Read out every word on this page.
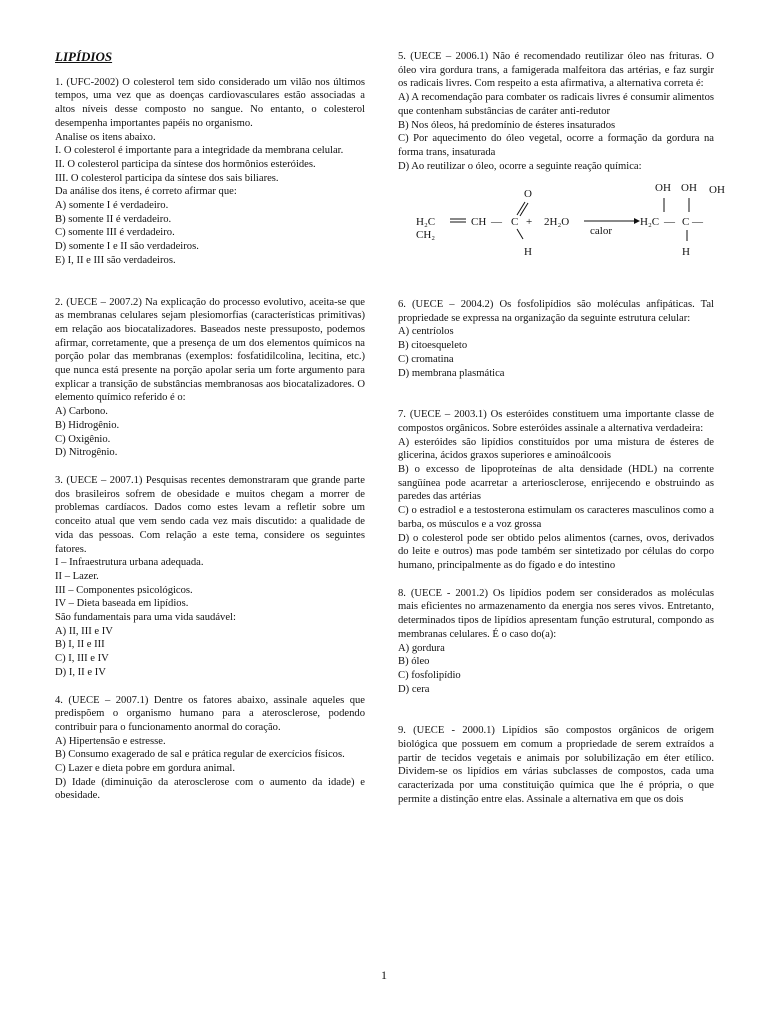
LIPÍDIOS

1. (UFC-2002) O colesterol tem sido considerado um vilão nos últimos tempos, uma vez que as doenças cardiovasculares estão associadas a altos níveis desse composto no sangue. No entanto, o colesterol desempenha importantes papéis no organismo.

Analise os itens abaixo.

I. O colesterol é importante para a integridade da membrana celular.

II. O colesterol participa da síntese dos hormônios esteróides.

III. O colesterol participa da síntese dos sais biliares.

Da análise dos itens, é correto afirmar que:

A) somente I é verdadeiro.

B) somente II é verdadeiro.

C) somente III é verdadeiro.

D) somente I e II são verdadeiros.

E) I, II e III são verdadeiros.

2. (UECE – 2007.2) Na explicação do processo evolutivo, aceita-se que as membranas celulares sejam plesiomorfias (características primitivas) em relação aos biocatalizadores. Baseados neste pressuposto, podemos afirmar, corretamente, que a presença de um dos elementos químicos na porção polar das membranas (exemplos: fosfatidilcolina, lecitina, etc.) que nunca está presente na porção apolar seria um forte argumento para explicar a transição de substâncias membranosas aos biocatalizadores. O elemento químico referido é o:

A) Carbono.

B) Hidrogênio.

C) Oxigênio.

D) Nitrogênio.

3. (UECE – 2007.1) Pesquisas recentes demonstraram que grande parte dos brasileiros sofrem de obesidade e muitos chegam a morrer de problemas cardíacos. Dados como estes levam a refletir sobre um conceito atual que vem sendo cada vez mais discutido: a qualidade de vida das pessoas. Com relação a este tema, considere os seguintes fatores.

I – Infraestrutura urbana adequada.

II – Lazer.

III – Componentes psicológicos.

IV – Dieta baseada em lipídios.

São fundamentais para uma vida saudável:

A) II, III e IV

B) I, II e III

C) I, III e IV

D) I, II e IV

4. (UECE – 2007.1) Dentre os fatores abaixo, assinale aqueles que predispõem o organismo humano para a aterosclerose, podendo contribuir para o funcionamento anormal do coração.

A) Hipertensão e estresse.

B) Consumo exagerado de sal e prática regular de exercícios físicos.

C) Lazer e dieta pobre em gordura animal.

D) Idade (diminuição da aterosclerose com o aumento da idade) e obesidade.

5. (UECE – 2006.1) Não é recomendado reutilizar óleo nas frituras. O óleo vira gordura trans, a famigerada malfeitora das artérias, e faz surgir os radicais livres. Com respeito a esta afirmativa, a alternativa correta é:

A) A recomendação para combater os radicais livres é consumir alimentos que contenham substâncias de caráter anti-redutor

B) Nos óleos, há predomínio de ésteres insaturados

C) Por aquecimento do óleo vegetal, ocorre a formação da gordura na forma trans, insaturada

D) Ao reutilizar o óleo, ocorre a seguinte reação química:

H₂C
CH₂
CH — C
O
H
+ 2H₂O
calor
OH OH OH
H₂C — C —
H

6. (UECE – 2004.2) Os fosfolipídios são moléculas anfipáticas. Tal propriedade se expressa na organização da seguinte estrutura celular:

A) centríolos

B) citoesqueleto

C) cromatina

D) membrana plasmática

7. (UECE – 2003.1) Os esteróides constituem uma importante classe de compostos orgânicos. Sobre esteróides assinale a alternativa verdadeira:

A) esteróides são lipídios constituídos por uma mistura de ésteres de glicerina, ácidos graxos superiores e aminoálcoois

B) o excesso de lipoproteínas de alta densidade (HDL) na corrente sangüínea pode acarretar a arteriosclerose, enrijecendo e obstruindo as paredes das artérias

C) o estradiol e a testosterona estimulam os caracteres masculinos como a barba, os músculos e a voz grossa

D) o colesterol pode ser obtido pelos alimentos (carnes, ovos, derivados do leite e outros) mas pode também ser sintetizado por células do corpo humano, principalmente as do fígado e do intestino

8. (UECE - 2001.2) Os lipídios podem ser considerados as moléculas mais eficientes no armazenamento da energia nos seres vivos. Entretanto, determinados tipos de lipídios apresentam função estrutural, compondo as membranas celulares. É o caso do(a):

A) gordura

B) óleo

C) fosfolipídio

D) cera

9. (UECE - 2000.1) Lipídios são compostos orgânicos de origem biológica que possuem em comum a propriedade de serem extraídos a partir de tecidos vegetais e animais por solubilização em éter etílico. Dividem-se os lipídios em várias subclasses de compostos, cada uma caracterizada por uma constituição química que lhe é própria, o que permite a distinção entre elas. Assinale a alternativa em que os dois

1
